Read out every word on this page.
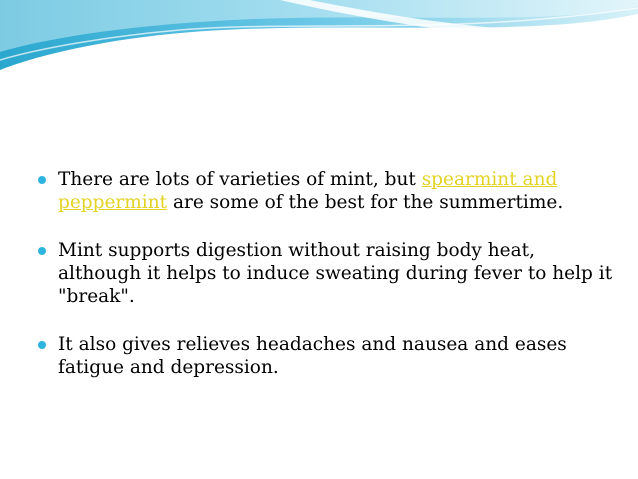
There are lots of varieties of mint, but spearmint and peppermint are some of the best for the summertime.
Mint supports digestion without raising body heat, although it helps to induce sweating during fever to help it "break".
It also gives relieves headaches and nausea and eases fatigue and depression.
